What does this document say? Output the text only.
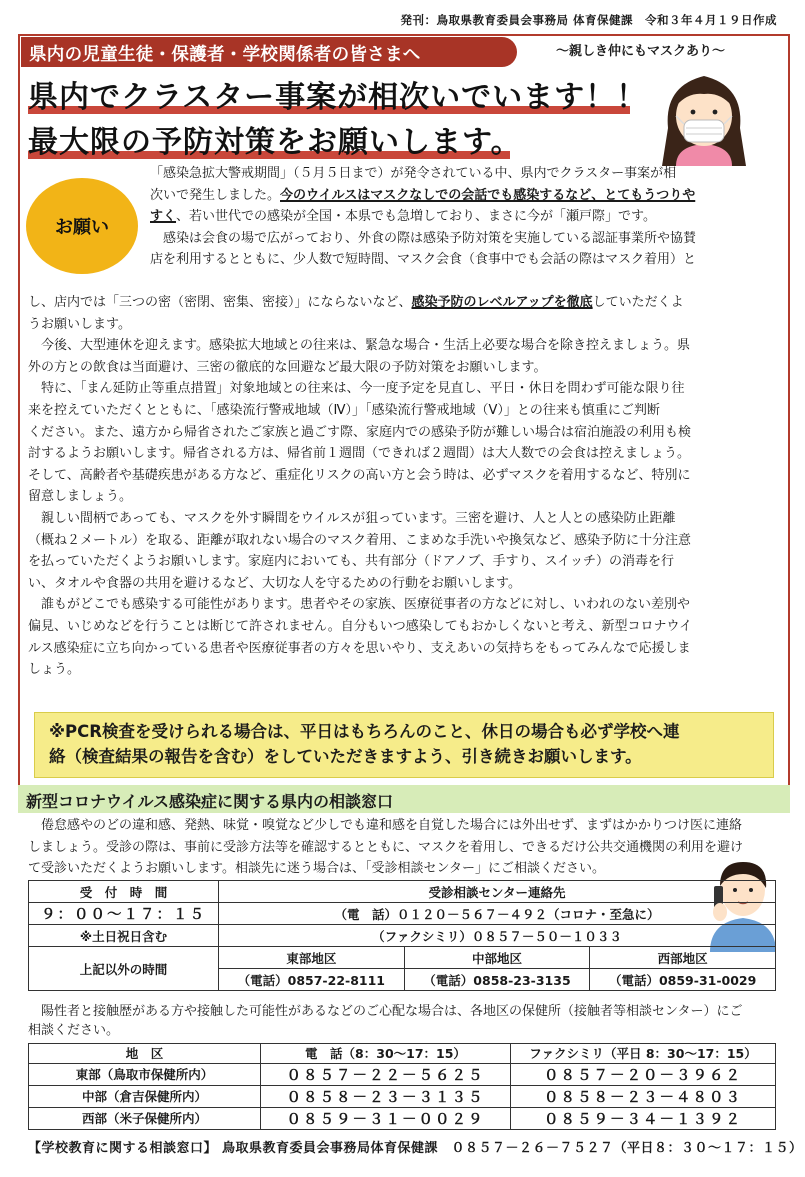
発刊：鳥取県教育委員会事務局 体育保健課　令和３年４月１９日作成
県内の児童生徒・保護者・学校関係者の皆さまへ	～親しき仲にもマスクあり～
県内でクラスター事案が相次いでいます！！
最大限の予防対策をお願いします。
お願い
「感染急拡大警戒期間」（５月５日まで）が発令されている中、県内でクラスター事案が相
次いで発生しました。今のウイルスはマスクなしでの会話でも感染するなど、とてもうつりや
すく、若い世代での感染が全国・本県でも急増しており、まさに今が「瀬戸際」です。
　感染は会食の場で広がっており、外食の際は感染予防対策を実施している認証事業所や協賛
店を利用するとともに、少人数で短時間、マスク会食（食事中でも会話の際はマスク着用）と
し、店内では「三つの密（密閉、密集、密接）」にならないなど、感染予防のレベルアップを徹底していただくよ
うお願いします。
　今後、大型連休を迎えます。感染拡大地域との往来は、緊急な場合・生活上必要な場合を除き控えましょう。県
外の方との飲食は当面避け、三密の徹底的な回避など最大限の予防対策をお願いします。
　特に、「まん延防止等重点措置」対象地域との往来は、今一度予定を見直し、平日・休日を問わず可能な限り往
来を控えていただくとともに、「感染流行警戒地域（Ⅳ）」「感染流行警戒地域（Ⅴ）」との往来も慎重にご判断
ください。また、遠方から帰省されたご家族と過ごす際、家庭内での感染予防が難しい場合は宿泊施設の利用も検
討するようお願いします。帰省される方は、帰省前１週間（できれば２週間）は大人数での会食は控えましょう。
そして、高齢者や基礎疾患がある方など、重症化リスクの高い方と会う時は、必ずマスクを着用するなど、特別に
留意しましょう。
　親しい間柄であっても、マスクを外す瞬間をウイルスが狙っています。三密を避け、人と人との感染防止距離
（概ね２メートル）を取る、距離が取れない場合のマスク着用、こまめな手洗いや換気など、感染予防に十分注意
を払っていただくようお願いします。家庭内においても、共有部分（ドアノブ、手すり、スイッチ）の消毒を行
い、タオルや食器の共用を避けるなど、大切な人を守るための行動をお願いします。
　誰もがどこでも感染する可能性があります。患者やその家族、医療従事者の方などに対し、いわれのない差別や
偏見、いじめなどを行うことは断じて許されません。自分もいつ感染してもおかしくないと考え、新型コロナウイ
ルス感染症に立ち向かっている患者や医療従事者の方々を思いやり、支えあいの気持ちをもってみんなで応援しま
しょう。
※PCR検査を受けられる場合は、平日はもちろんのこと、休日の場合も必ず学校へ連
絡（検査結果の報告を含む）をしていただきますよう、引き続きお願いします。
新型コロナウイルス感染症に関する県内の相談窓口
　倦怠感やのどの違和感、発熱、味覚・嗅覚など少しでも違和感を自覚した場合には外出せず、まずはかかりつけ医に連絡
しましょう。受診の際は、事前に受診方法等を確認するとともに、マスクを着用し、できるだけ公共交通機関の利用を避け
て受診いただくようお願いします。相談先に迷う場合は、「受診相談センター」にご相談ください。
受　付　時　間	受診相談センター連絡先		
９：００～１７：１５	（電　話）０１２０－５６７－４９２（コロナ・至急に）		
※土日祝日含む	（ファクシミリ）０８５７－５０－１０３３		
上記以外の時間	東部地区	中部地区	西部地区
	（電話）0857-22-8111	（電話）0858-23-3135	（電話）0859-31-0029
　陽性者と接触歴がある方や接触した可能性があるなどのご心配な場合は、各地区の保健所（接触者等相談センター）にご
相談ください。
地　区	電　話（8：30～17：15）	ファクシミリ（平日 8：30～17：15）
東部（鳥取市保健所内）	０８５７－２２－５６２５	０８５７－２０－３９６２
中部（倉吉保健所内）	０８５８－２３－３１３５	０８５８－２３－４８０３
西部（米子保健所内）	０８５９－３１－００２９	０８５９－３４－１３９２
【学校教育に関する相談窓口】 鳥取県教育委員会事務局体育保健課　０８５７－２６－７５２７（平日８：３０～１７：１５）
